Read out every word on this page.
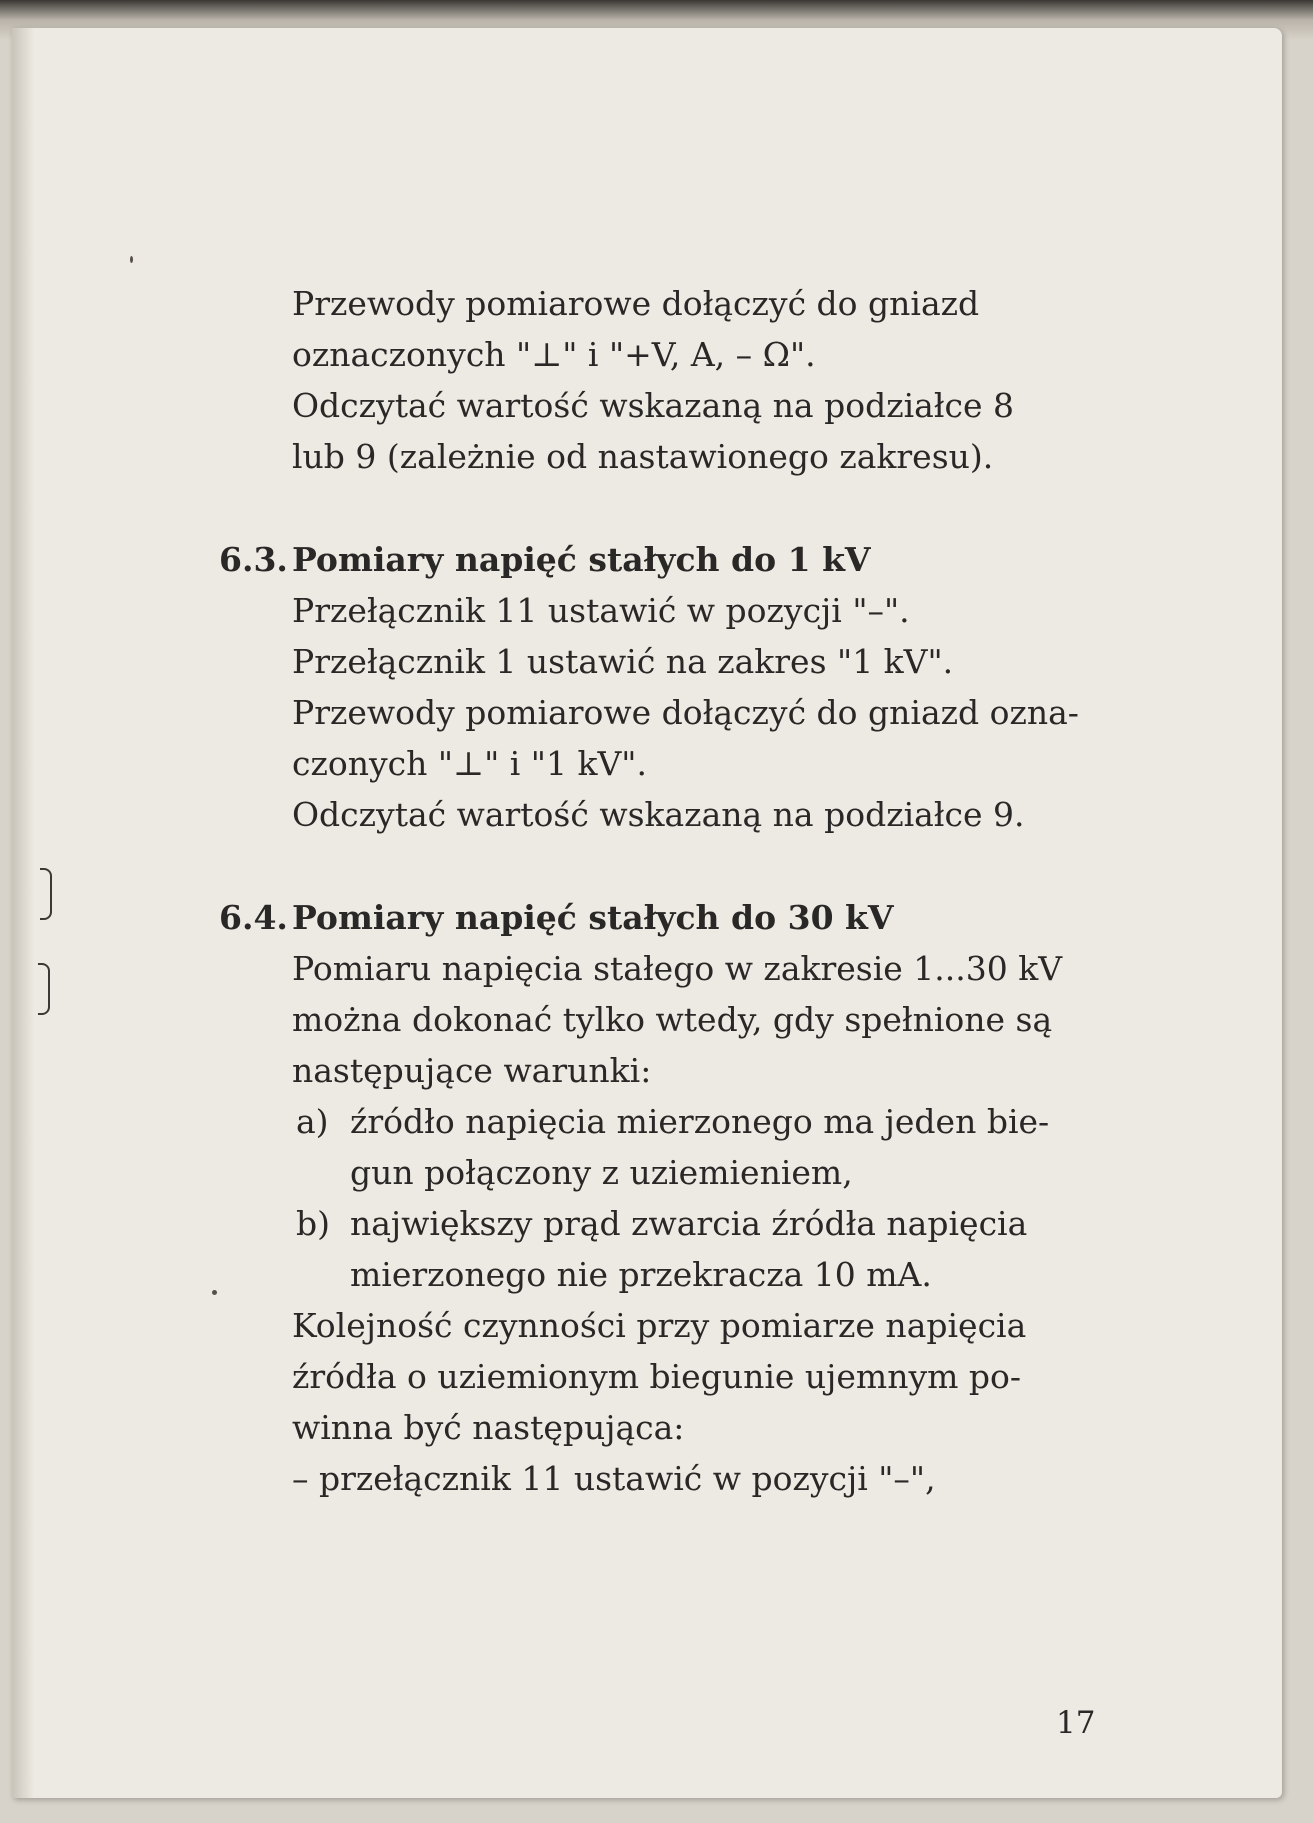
Przewody pomiarowe dołączyć do gniazd
oznaczonych "⊥" i "+V, A, – Ω".
Odczytać wartość wskazaną na podziałce 8
lub 9 (zależnie od nastawionego zakresu).
6.3. Pomiary napięć stałych do 1 kV
Przełącznik 11 ustawić w pozycji "–".
Przełącznik 1 ustawić na zakres "1 kV".
Przewody pomiarowe dołączyć do gniazd ozna-
czonych "⊥" i "1 kV".
Odczytać wartość wskazaną na podziałce 9.
6.4. Pomiary napięć stałych do 30 kV
Pomiaru napięcia stałego w zakresie 1...30 kV
można dokonać tylko wtedy, gdy spełnione są
następujące warunki:
a) źródło napięcia mierzonego ma jeden bie-
gun połączony z uziemieniem,
b) największy prąd zwarcia źródła napięcia
mierzonego nie przekracza 10 mA.
Kolejność czynności przy pomiarze napięcia
źródła o uziemionym biegunie ujemnym po-
winna być następująca:
– przełącznik 11 ustawić w pozycji "–",
17
